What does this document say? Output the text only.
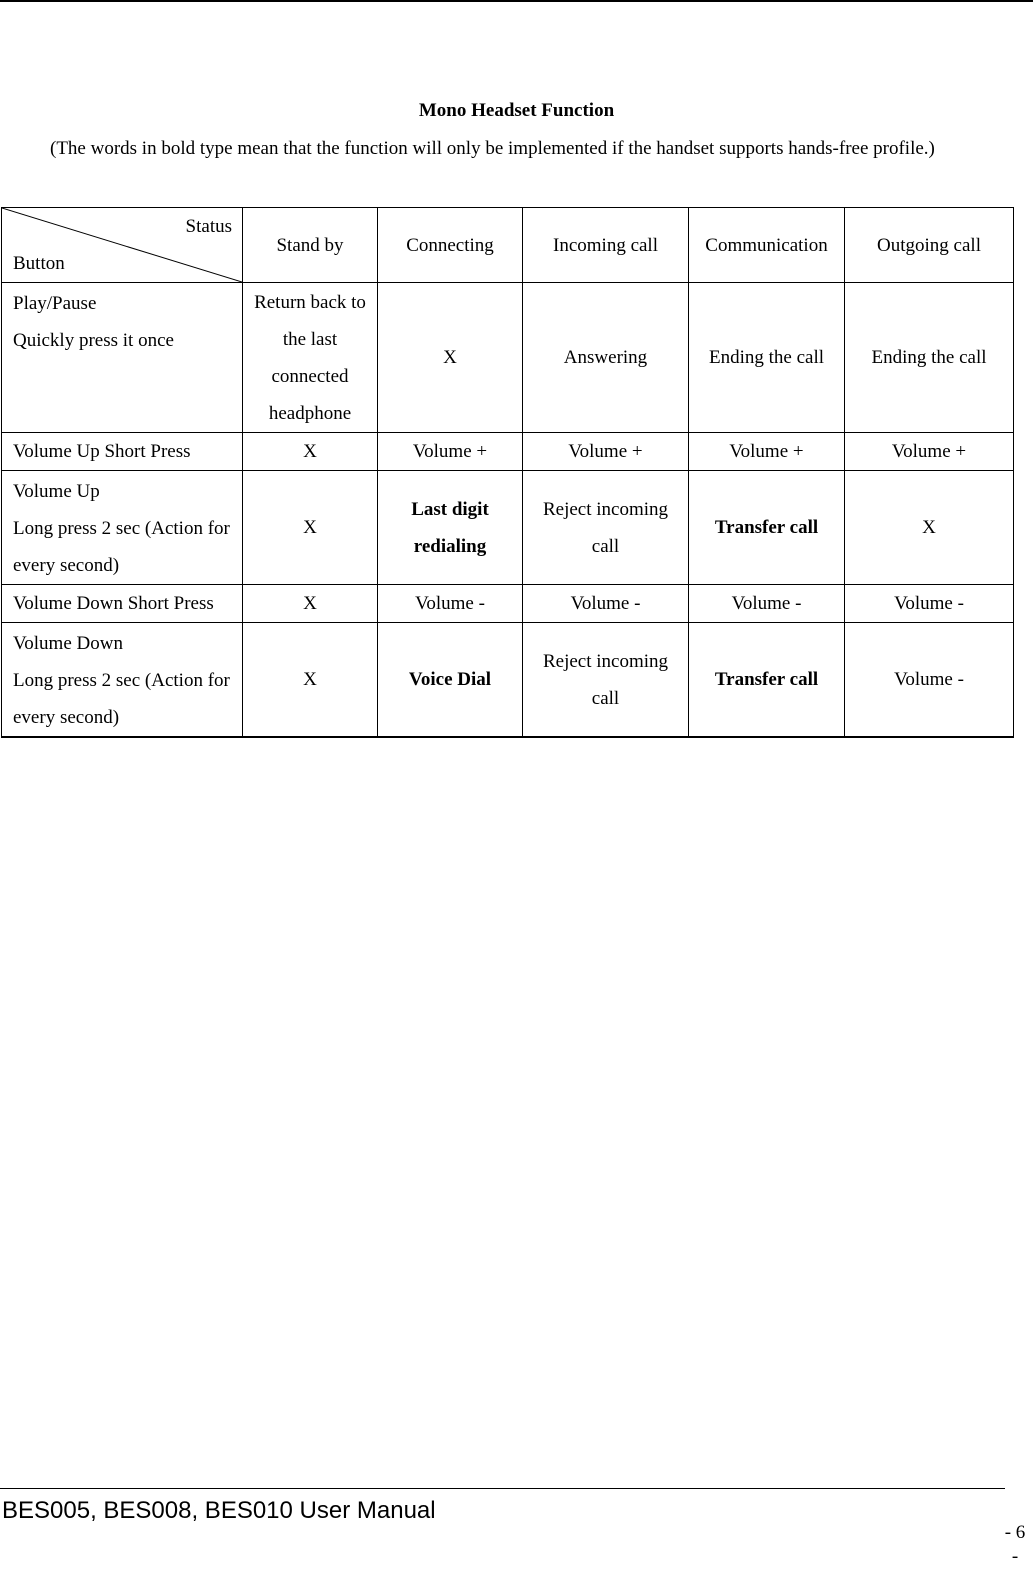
Mono Headset Function
(The words in bold type mean that the function will only be implemented if the handset supports hands-free profile.)
Status
Button	Stand by	Connecting	Incoming call	Communication	Outgoing call

Play/Pause
Quickly press it once	Return back to the last connected headphone	X	Answering	Ending the call	Ending the call

Volume Up Short Press	X	Volume +	Volume +	Volume +	Volume +

Volume Up
Long press 2 sec (Action for every second)	X	Last digit redialing	Reject incoming call	Transfer call	X

Volume Down Short Press	X	Volume -	Volume -	Volume -	Volume -

Volume Down
Long press 2 sec (Action for every second)	X	Voice Dial	Reject incoming call	Transfer call	Volume -
BES005, BES008, BES010 User Manual
- 6 -
